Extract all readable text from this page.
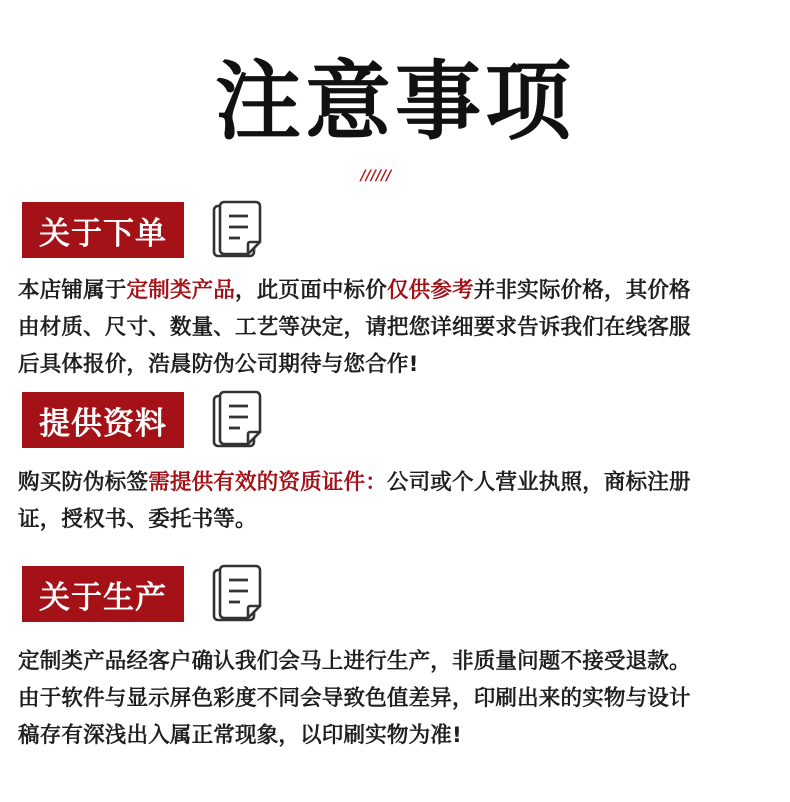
注意事项
//////
关于下单
本店铺属于定制类产品，此页面中标价仅供参考并非实际价格，其价格
由材质、尺寸、数量、工艺等决定，请把您详细要求告诉我们在线客服
后具体报价，浩晨防伪公司期待与您合作!
提供资料
购买防伪标签需提供有效的资质证件：公司或个人营业执照，商标注册
证，授权书、委托书等。
关于生产
定制类产品经客户确认我们会马上进行生产，非质量问题不接受退款。
由于软件与显示屏色彩度不同会导致色值差异，印刷出来的实物与设计
稿存有深浅出入属正常现象，以印刷实物为准!
